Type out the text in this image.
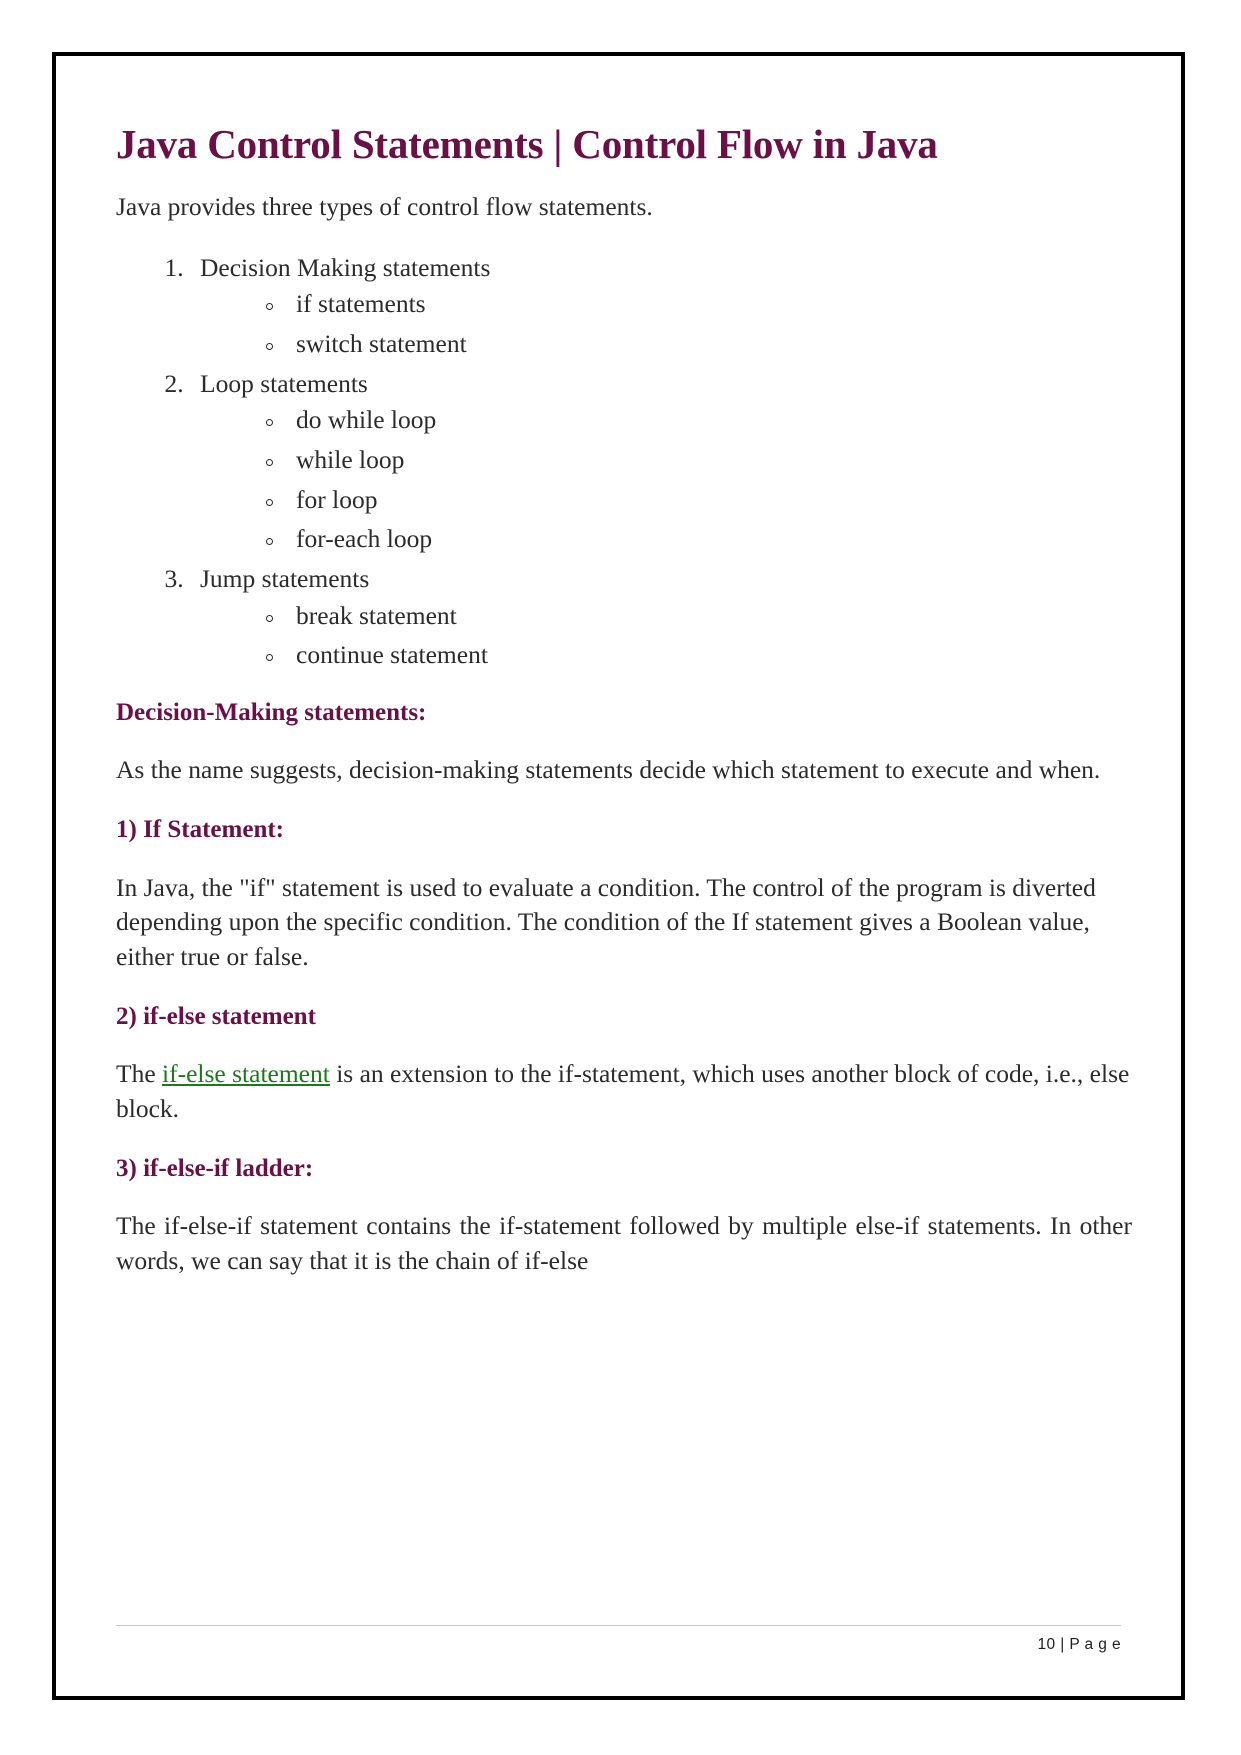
Java Control Statements | Control Flow in Java

Java provides three types of control flow statements.

1. Decision Making statements
if statements
switch statement
2. Loop statements
do while loop
while loop
for loop
for-each loop
3. Jump statements
break statement
continue statement
Decision-Making statements:

As the name suggests, decision-making statements decide which statement to execute and when.

1) If Statement:

In Java, the "if" statement is used to evaluate a condition. The control of the program is diverted depending upon the specific condition. The condition of the If statement gives a Boolean value, either true or false.

2) if-else statement

The if-else statement is an extension to the if-statement, which uses another block of code, i.e., else block.

3) if-else-if ladder:

The if-else-if statement contains the if-statement followed by multiple else-if statements. In other words, we can say that it is the chain of if-else

10 | P a g e
